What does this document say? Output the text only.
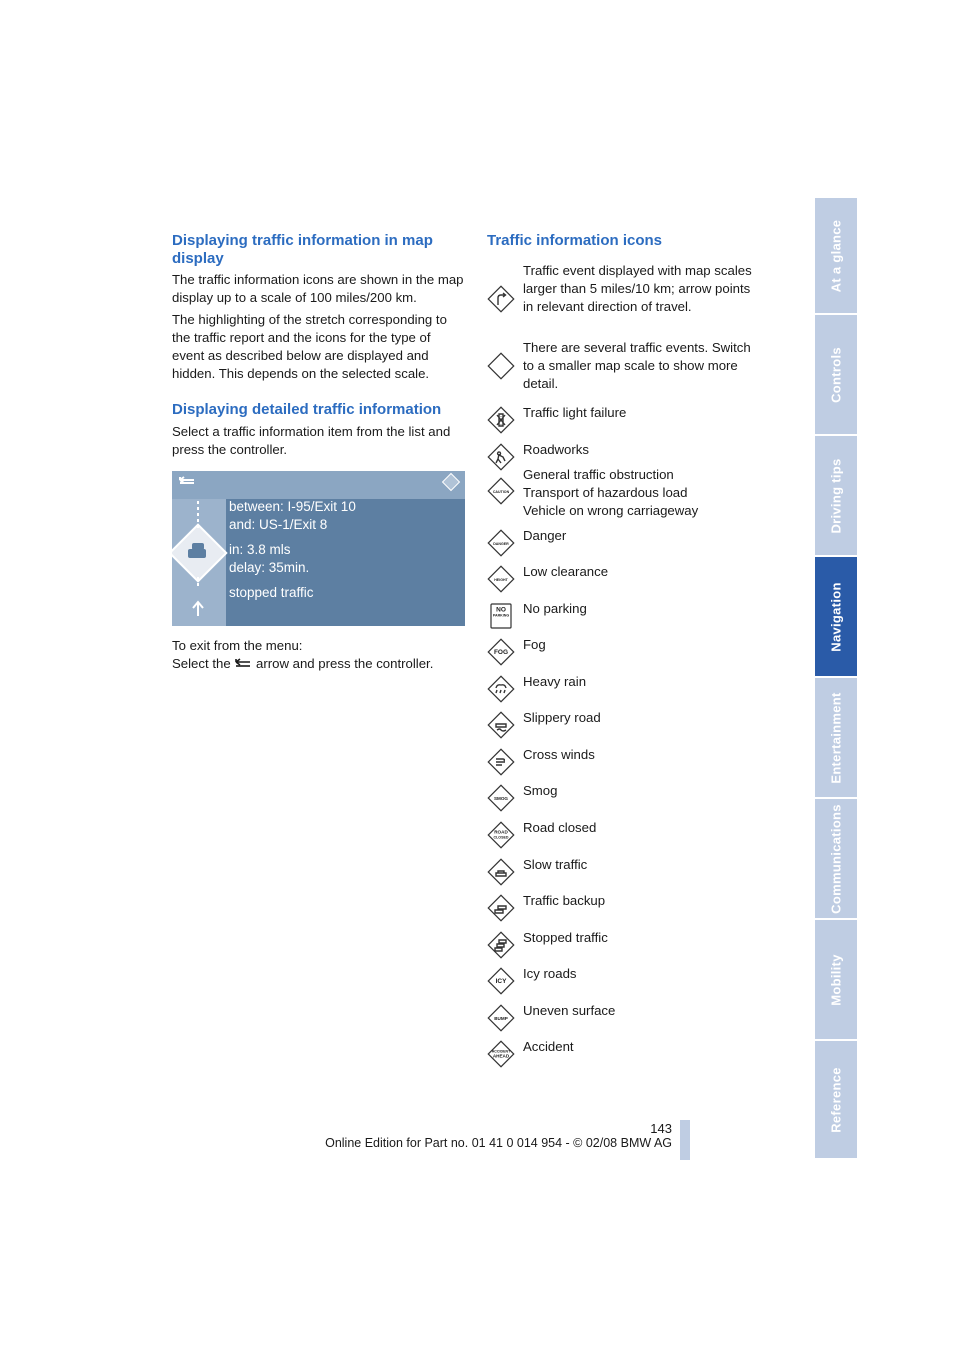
At a glance
Controls
Driving tips
Navigation
Entertainment
Communications
Mobility
Reference
Displaying traffic information in map display

The traffic information icons are shown in the map display up to a scale of 100 miles/200 km.

The highlighting of the stretch corresponding to the traffic report and the icons for the type of event as described below are displayed and hidden. This depends on the selected scale.

Displaying detailed traffic information

Select a traffic information item from the list and press the controller.

between: I-95/Exit 10
and: US-1/Exit 8
in: 3.8 mls
delay: 35min.
stopped traffic

To exit from the menu:

Select the arrow and press the controller.

Traffic information icons
Traffic event displayed with map scales larger than 5 miles/10 km; arrow points in relevant direction of travel.
There are several traffic events. Switch to a smaller map scale to show more detail.
Traffic light failure
Roadworks
CAUTION
General traffic obstruction
Transport of hazardous load
Vehicle on wrong carriageway
DANGER
Danger
HEIGHT
Low clearance
NO
PARKING No parking
FOG
Fog
Heavy rain
Slippery road
Cross winds
SMOG
Smog
ROAD
CLOSED
Road closed
Slow traffic
Traffic backup
Stopped traffic
ICY
Icy roads
BUMP
Uneven surface
ACCIDENT
AHEAD
Accident
143
Online Edition for Part no. 01 41 0 014 954 - © 02/08 BMW AG
